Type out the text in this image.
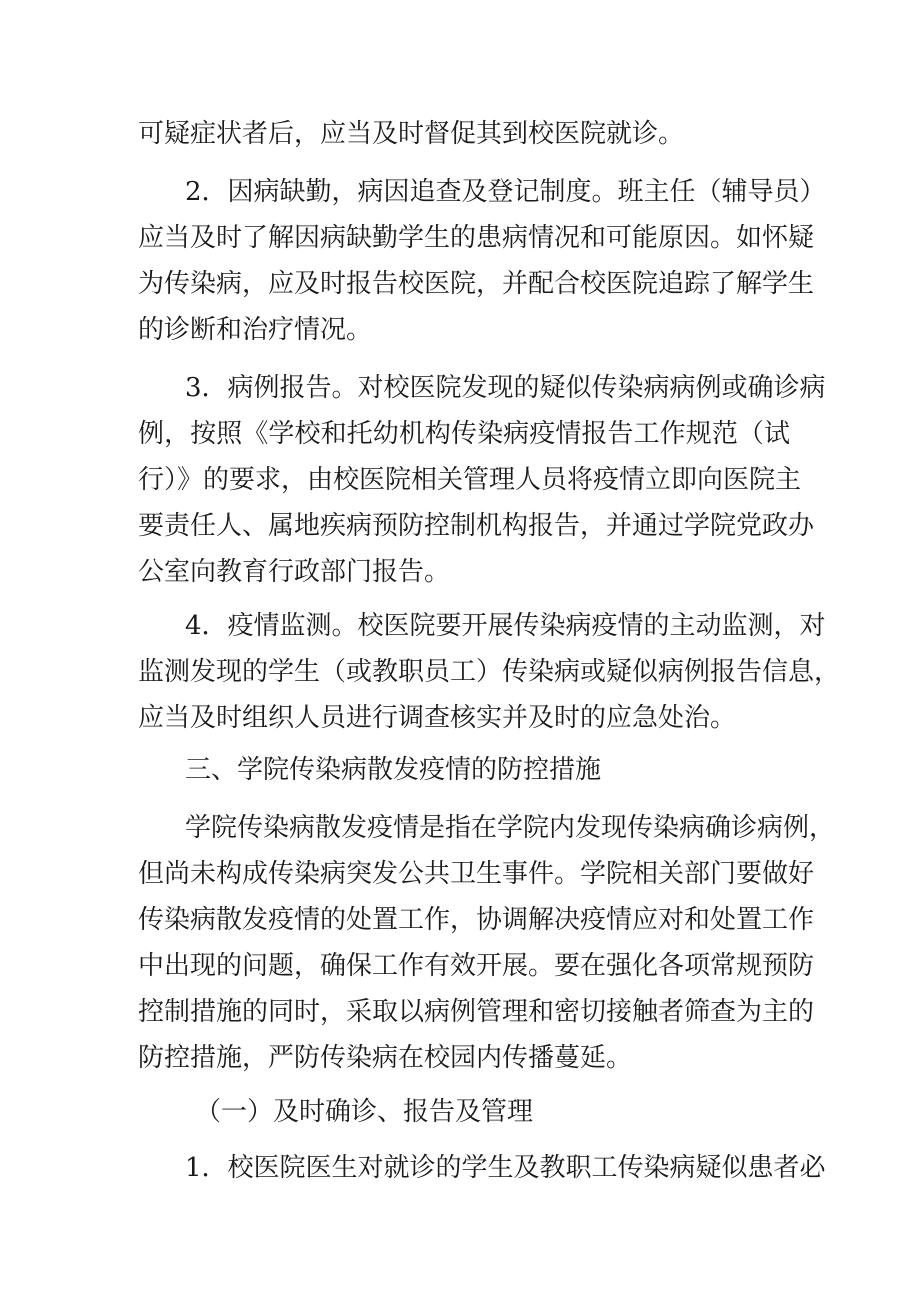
可疑症状者后，应当及时督促其到校医院就诊。
2．因病缺勤，病因追查及登记制度。班主任（辅导员）
应当及时了解因病缺勤学生的患病情况和可能原因。如怀疑
为传染病，应及时报告校医院，并配合校医院追踪了解学生
的诊断和治疗情况。
3．病例报告。对校医院发现的疑似传染病病例或确诊病
例，按照《学校和托幼机构传染病疫情报告工作规范（试
行）》的要求，由校医院相关管理人员将疫情立即向医院主
要责任人、属地疾病预防控制机构报告，并通过学院党政办
公室向教育行政部门报告。
4．疫情监测。校医院要开展传染病疫情的主动监测，对
监测发现的学生（或教职员工）传染病或疑似病例报告信息，
应当及时组织人员进行调查核实并及时的应急处治。
三、学院传染病散发疫情的防控措施
学院传染病散发疫情是指在学院内发现传染病确诊病例，
但尚未构成传染病突发公共卫生事件。学院相关部门要做好
传染病散发疫情的处置工作，协调解决疫情应对和处置工作
中出现的问题，确保工作有效开展。要在强化各项常规预防
控制措施的同时，采取以病例管理和密切接触者筛查为主的
防控措施，严防传染病在校园内传播蔓延。
（一）及时确诊、报告及管理
1．校医院医生对就诊的学生及教职工传染病疑似患者必
